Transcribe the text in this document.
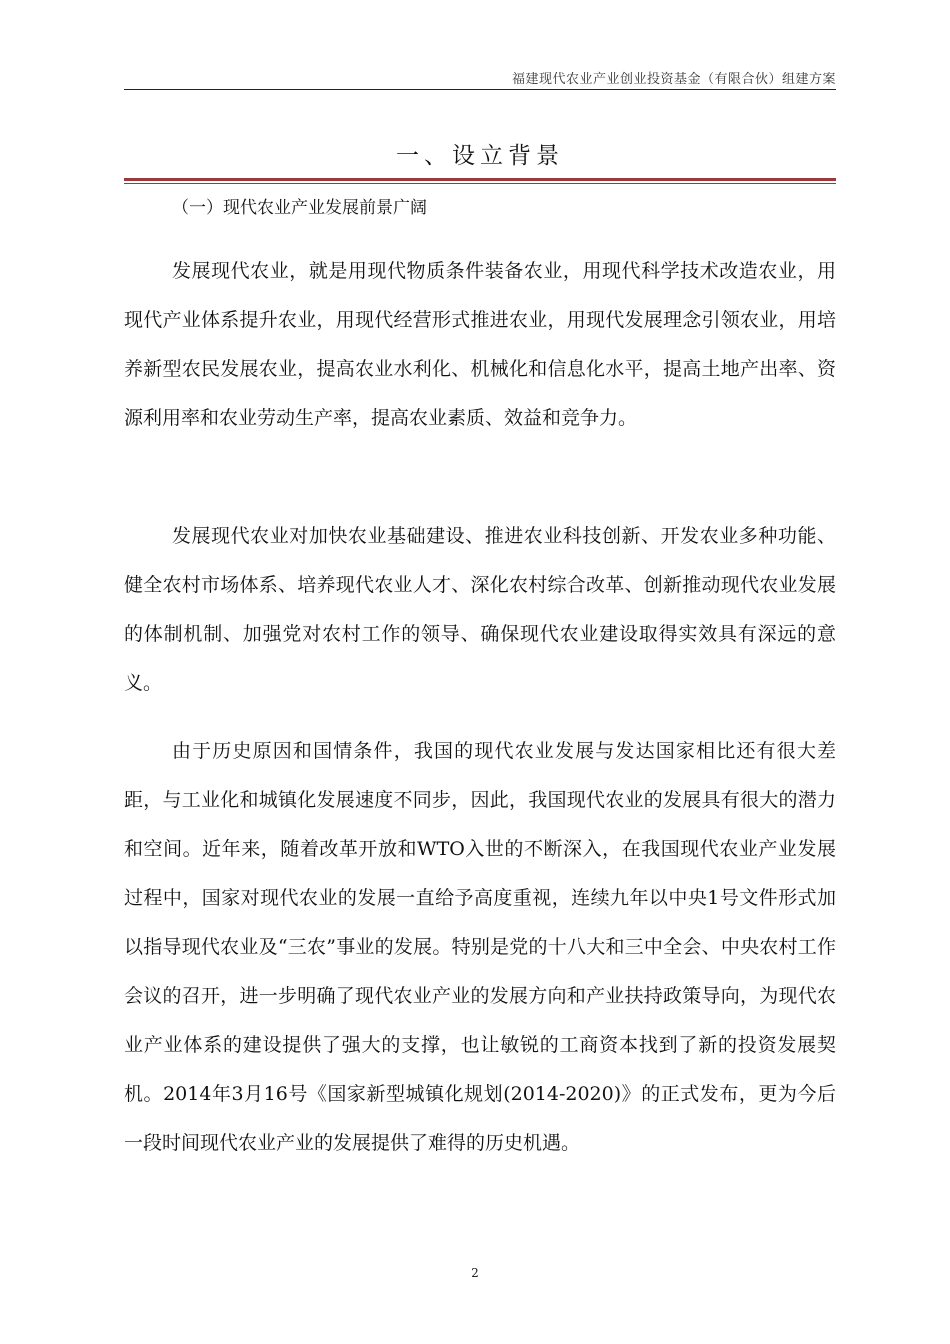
福建现代农业产业创业投资基金（有限合伙）组建方案
一、设立背景
（一）现代农业产业发展前景广阔

发展现代农业，就是用现代物质条件装备农业，用现代科学技术改造农业，用现代产业体系提升农业，用现代经营形式推进农业，用现代发展理念引领农业，用培养新型农民发展农业，提高农业水利化、机械化和信息化水平，提高土地产出率、资源利用率和农业劳动生产率，提高农业素质、效益和竞争力。

发展现代农业对加快农业基础建设、推进农业科技创新、开发农业多种功能、健全农村市场体系、培养现代农业人才、深化农村综合改革、创新推动现代农业发展的体制机制、加强党对农村工作的领导、确保现代农业建设取得实效具有深远的意义。

由于历史原因和国情条件，我国的现代农业发展与发达国家相比还有很大差距，与工业化和城镇化发展速度不同步，因此，我国现代农业的发展具有很大的潜力和空间。近年来，随着改革开放和WTO入世的不断深入，在我国现代农业产业发展过程中，国家对现代农业的发展一直给予高度重视，连续九年以中央1号文件形式加以指导现代农业及“三农”事业的发展。特别是党的十八大和三中全会、中央农村工作会议的召开，进一步明确了现代农业产业的发展方向和产业扶持政策导向，为现代农业产业体系的建设提供了强大的支撑，也让敏锐的工商资本找到了新的投资发展契机。2014年3月16号《国家新型城镇化规划(2014-2020)》的正式发布，更为今后一段时间现代农业产业的发展提供了难得的历史机遇。

2
